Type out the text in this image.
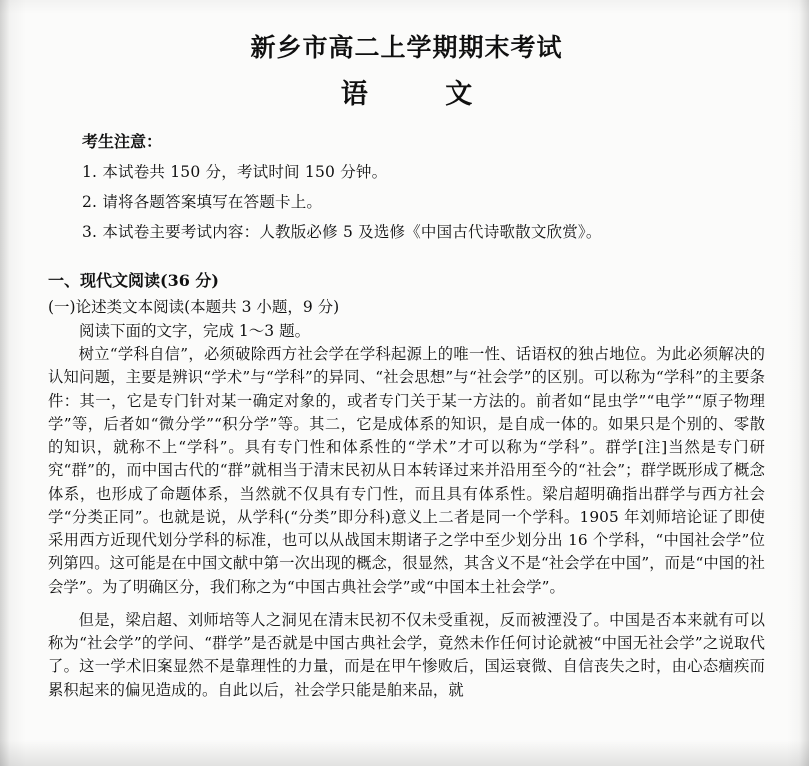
新乡市高二上学期期末考试
语 文
考生注意：
1. 本试卷共 150 分，考试时间 150 分钟。
2. 请将各题答案填写在答题卡上。
3. 本试卷主要考试内容：人教版必修 5 及选修《中国古代诗歌散文欣赏》。
一、现代文阅读(36 分)
(一)论述类文本阅读(本题共 3 小题，9 分)
阅读下面的文字，完成 1～3 题。
树立“学科自信”，必须破除西方社会学在学科起源上的唯一性、话语权的独占地位。为此必须解决的认知问题，主要是辨识“学术”与“学科”的异同、“社会思想”与“社会学”的区别。可以称为“学科”的主要条件：其一，它是专门针对某一确定对象的，或者专门关于某一方法的。前者如“昆虫学”“电学”“原子物理学”等，后者如“微分学”“积分学”等。其二，它是成体系的知识，是自成一体的。如果只是个别的、零散的知识，就称不上“学科”。具有专门性和体系性的“学术”才可以称为“学科”。群学[注]当然是专门研究“群”的，而中国古代的“群”就相当于清末民初从日本转译过来并沿用至今的“社会”；群学既形成了概念体系，也形成了命题体系，当然就不仅具有专门性，而且具有体系性。梁启超明确指出群学与西方社会学“分类正同”。也就是说，从学科(“分类”即分科)意义上二者是同一个学科。1905 年刘师培论证了即使采用西方近现代划分学科的标准，也可以从战国末期诸子之学中至少划分出 16 个学科，“中国社会学”位列第四。这可能是在中国文献中第一次出现的概念，很显然，其含义不是“社会学在中国”，而是“中国的社会学”。为了明确区分，我们称之为“中国古典社会学”或“中国本土社会学”。
但是，梁启超、刘师培等人之洞见在清末民初不仅未受重视，反而被湮没了。中国是否本来就有可以称为“社会学”的学问、“群学”是否就是中国古典社会学，竟然未作任何讨论就被“中国无社会学”之说取代了。这一学术旧案显然不是靠理性的力量，而是在甲午惨败后，国运衰微、自信丧失之时，由心态痼疾而累积起来的偏见造成的。自此以后，社会学只能是舶来品，就
